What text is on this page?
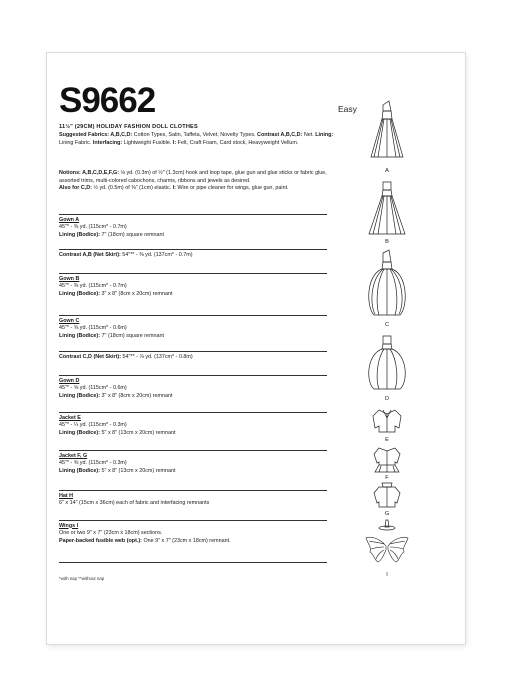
S9662	Easy
11½" (29CM) HOLIDAY FASHION DOLL CLOTHES
Suggested Fabrics: A,B,C,D: Cotton Types, Satin, Taffeta, Velvet, Novelty Types. Contrast A,B,C,D: Net. Lining: Lining Fabric. Interfacing: Lightweight Fusible. I: Felt, Craft Foam, Card stock, Heavyweight Vellum.
Notions: A,B,C,D,E,F,G: ⅛ yd. (0.3m) of ½" (1.3cm) hook and loop tape, glue gun and glue sticks or fabric glue, assorted trims, multi-colored cabochons, charms, ribbons and jewels as desired.
Also for C,D: ½ yd. (0.5m) of ⅜" (1cm) elastic. I: Wire or pipe cleaner for wings, glue gun, paint.
Gown A
45"* - ⅜ yd. (115cm* - 0.7m)
Lining (Bodice): 7" (18cm) square remnant
Contrast A,B (Net Skirt): 54"** - ⅜ yd. (137cm* - 0.7m)
Gown B
45"* - ⅜ yd. (115cm* - 0.7m)
Lining (Bodice): 3" x 8" (8cm x 20cm) remnant
Gown C
45"* - ⅝ yd. (115cm* - 0.6m)
Lining (Bodice): 7" (18cm) square remnant
Contrast C,D (Net Skirt): 54"** - ⅞ yd. (137cm* - 0.8m)
Gown D
45"* - ⅝ yd. (115cm* - 0.6m)
Lining (Bodice): 3" x 8" (8cm x 20cm) remnant
Jacket E
45"* - ¼ yd. (115cm* - 0.3m)
Lining (Bodice): 5" x 8" (13cm x 20cm) remnant
Jacket F, G
45"* - ⅜ yd. (115cm* - 0.3m)
Lining (Bodice): 5" x 8" (13cm x 20cm) remnant
Hat H
6" x 14" (15cm x 36cm) each of fabric and interfacing remnants
Wings I
One or two 9" x 7" (23cm x 18cm) sections.
Paper-backed fusible web (opt.): One 9" x 7" (23cm x 18cm) remnant.
*with nap **without nap
A
B
C
D
E
F
G
I
